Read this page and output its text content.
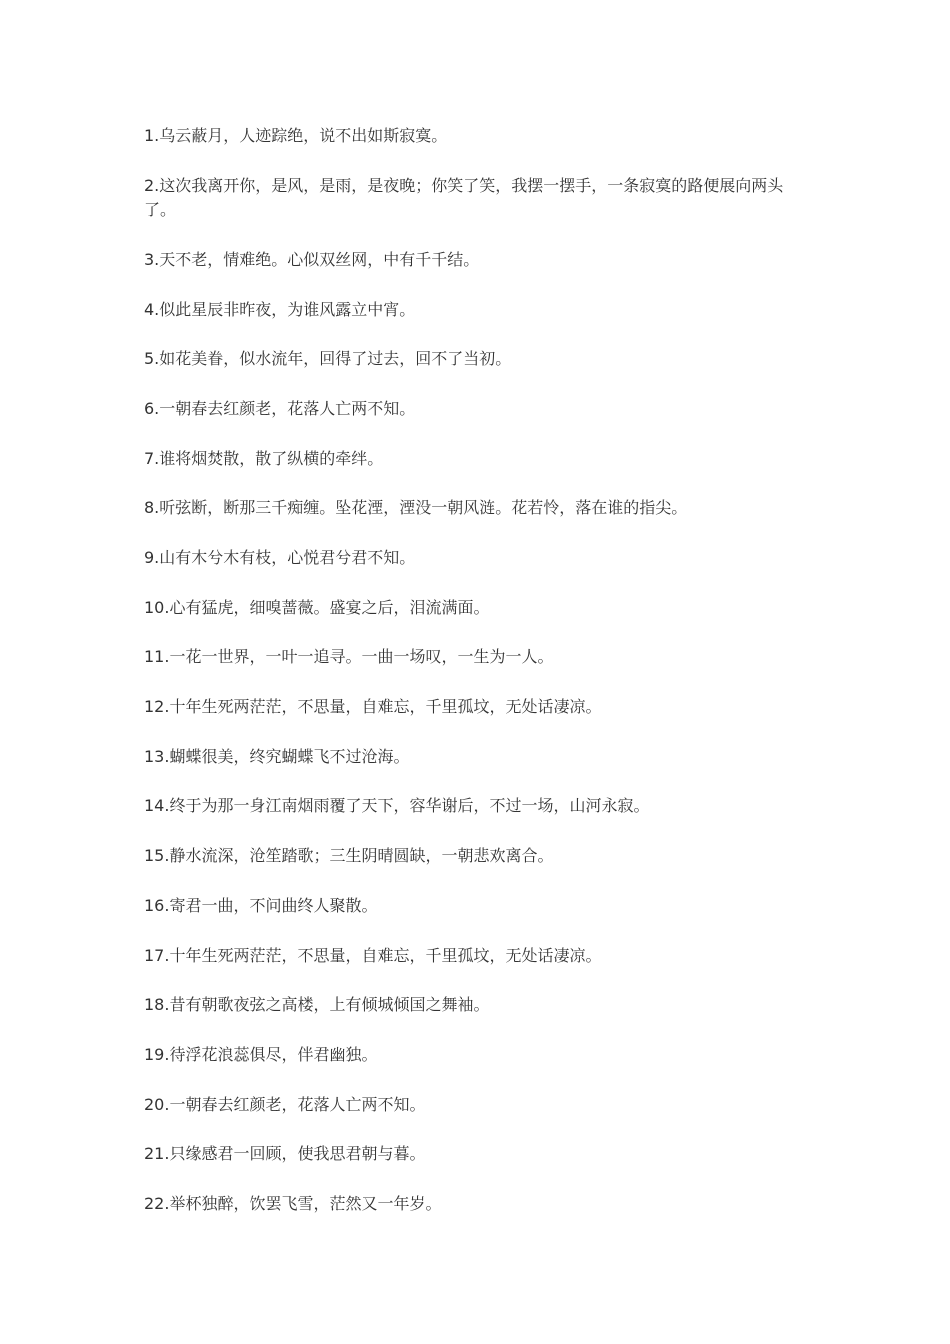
1.乌云蔽月，人迹踪绝，说不出如斯寂寞。

2.这次我离开你，是风，是雨，是夜晚；你笑了笑，我摆一摆手，一条寂寞的路便展向两头了。

3.天不老，情难绝。心似双丝网，中有千千结。

4.似此星辰非昨夜，为谁风露立中宵。

5.如花美眷，似水流年，回得了过去，回不了当初。

6.一朝春去红颜老，花落人亡两不知。

7.谁将烟焚散，散了纵横的牵绊。

8.听弦断，断那三千痴缠。坠花湮，湮没一朝风涟。花若怜，落在谁的指尖。

9.山有木兮木有枝，心悦君兮君不知。

10.心有猛虎，细嗅蔷薇。盛宴之后，泪流满面。

11.一花一世界，一叶一追寻。一曲一场叹，一生为一人。

12.十年生死两茫茫，不思量，自难忘，千里孤坟，无处话凄凉。

13.蝴蝶很美，终究蝴蝶飞不过沧海。

14.终于为那一身江南烟雨覆了天下，容华谢后，不过一场，山河永寂。

15.静水流深，沧笙踏歌；三生阴晴圆缺，一朝悲欢离合。

16.寄君一曲，不问曲终人聚散。

17.十年生死两茫茫，不思量，自难忘，千里孤坟，无处话凄凉。

18.昔有朝歌夜弦之高楼，上有倾城倾国之舞袖。

19.待浮花浪蕊俱尽，伴君幽独。

20.一朝春去红颜老，花落人亡两不知。

21.只缘感君一回顾，使我思君朝与暮。

22.举杯独醉，饮罢飞雪，茫然又一年岁。
